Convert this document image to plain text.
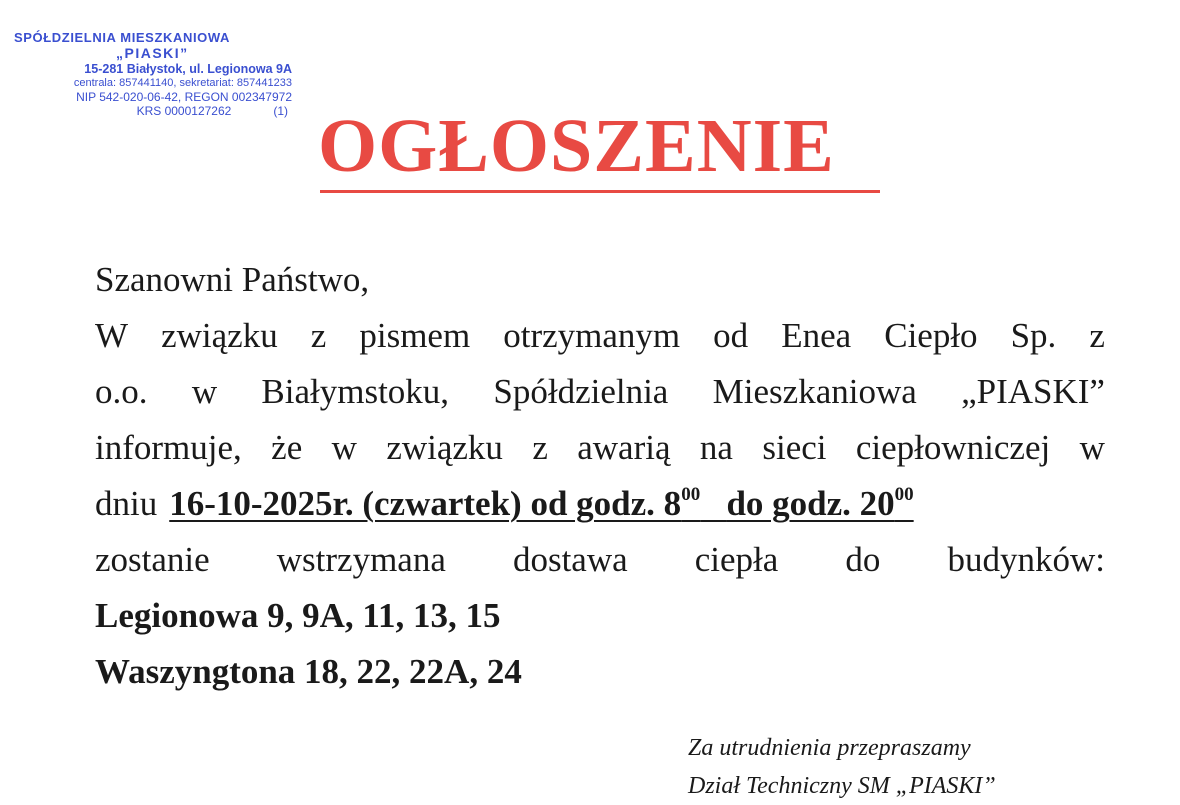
SPÓŁDZIELNIA MIESZKANIOWA
„PIASKI”
15-281 Białystok, ul. Legionowa 9A
centrala: 857441140, sekretariat: 857441233
NIP 542-020-06-42, REGON 002347972
KRS 0000127262	(1) OGŁOSZENIE
Szanowni Państwo,
W związku z pismem otrzymanym od Enea Ciepło Sp. z
o.o. w Białymstoku, Spółdzielnia Mieszkaniowa „PIASKI”
informuje, że w związku z awarią na sieci ciepłowniczej w
dniu 16-10-2025r. (czwartek) od godz. $8^{00}$ do godz. $20^{00}$
zostanie wstrzymana dostawa ciepła do budynków:
Legionowa 9, 9A, 11, 13, 15
Waszyngtona 18, 22, 22A, 24
Za utrudnienia przepraszamy
Dział Techniczny SM „PIASKI”
